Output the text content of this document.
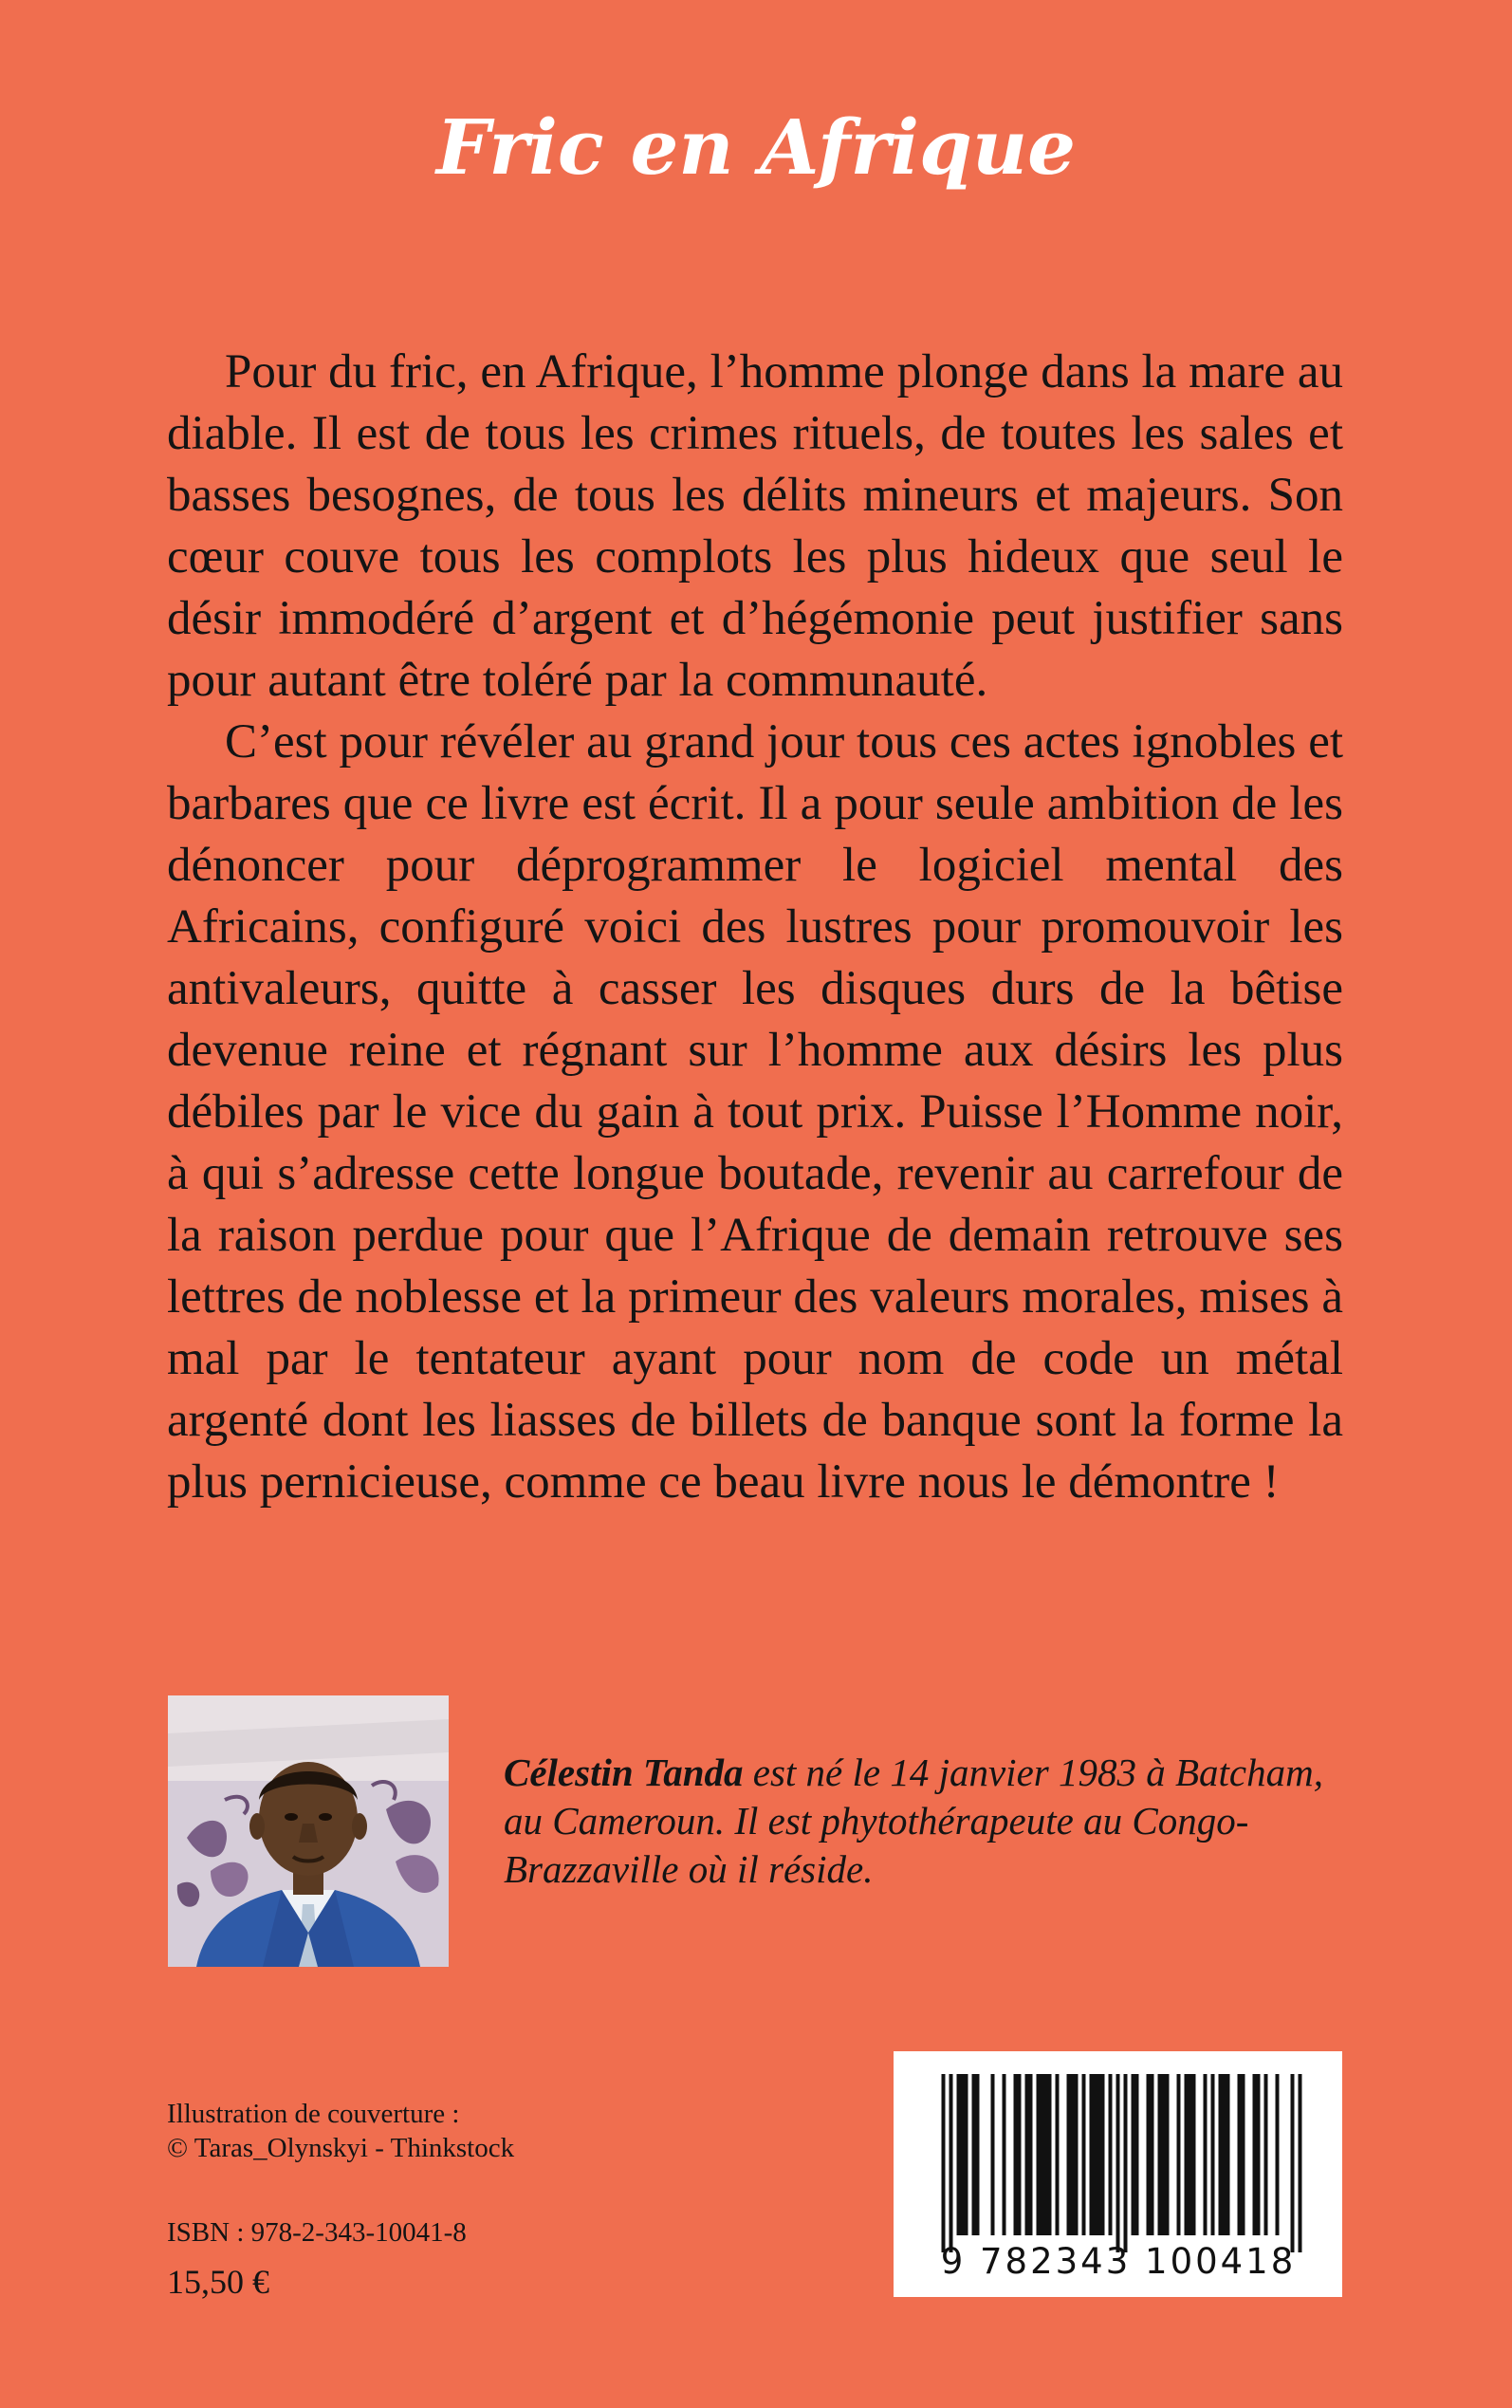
Fric en Afrique

Pour du fric, en Afrique, l’homme plonge dans la mare au diable. Il est de tous les crimes rituels, de toutes les sales et basses besognes, de tous les délits mineurs et majeurs. Son cœur couve tous les complots les plus hideux que seul le désir immodéré d’argent et d’hégémonie peut justifier sans pour autant être toléré par la communauté.

C’est pour révéler au grand jour tous ces actes ignobles et barbares que ce livre est écrit. Il a pour seule ambition de les dénoncer pour déprogrammer le logiciel mental des Africains, configuré voici des lustres pour promouvoir les antivaleurs, quitte à casser les disques durs de la bêtise devenue reine et régnant sur l’homme aux désirs les plus débiles par le vice du gain à tout prix. Puisse l’Homme noir, à qui s’adresse cette longue boutade, revenir au carrefour de la raison perdue pour que l’Afrique de demain retrouve ses lettres de noblesse et la primeur des valeurs morales, mises à mal par le tentateur ayant pour nom de code un métal argenté dont les liasses de billets de banque sont la forme la plus pernicieuse, comme ce beau livre nous le démontre !

Célestin Tanda est né le 14 janvier 1983 à Batcham, au Cameroun. Il est phytothérapeute au Congo-Brazzaville où il réside.

Illustration de couverture :
© Taras_Olynskyi - Thinkstock
ISBN : 978-2-343-10041-8
15,50 €	9 782343 100418
